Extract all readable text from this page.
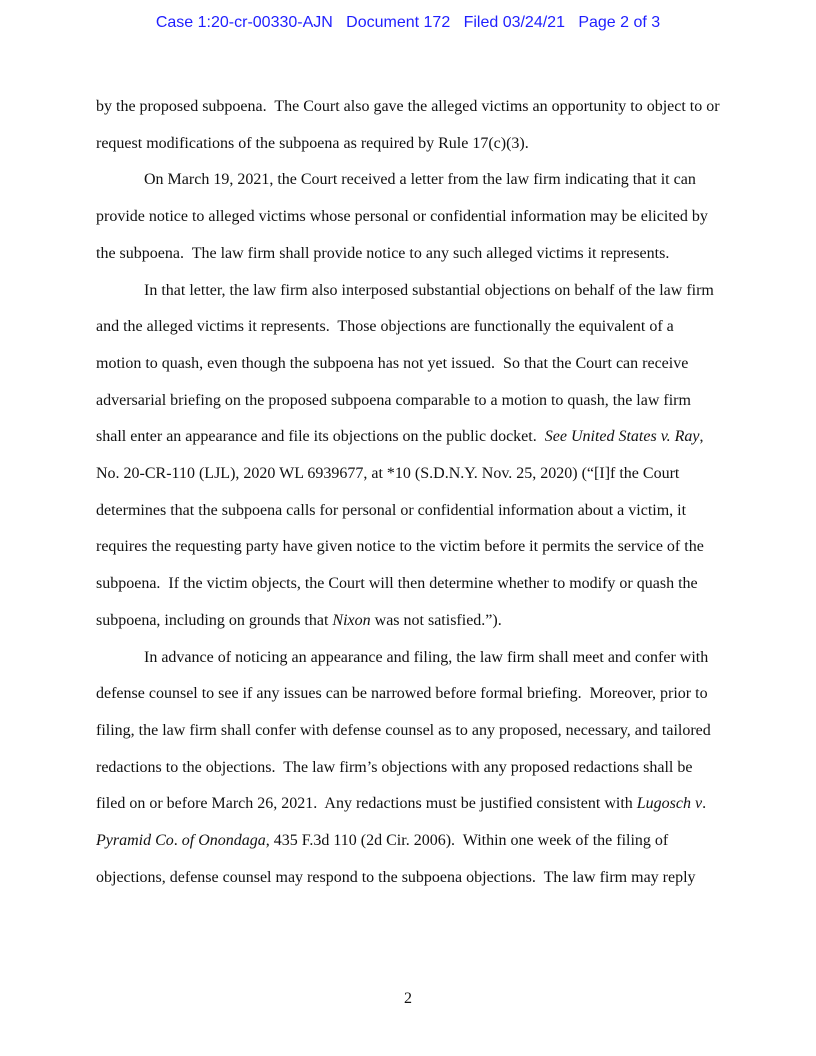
Case 1:20-cr-00330-AJN Document 172 Filed 03/24/21 Page 2 of 3
by the proposed subpoena.  The Court also gave the alleged victims an opportunity to object to or
request modifications of the subpoena as required by Rule 17(c)(3).
On March 19, 2021, the Court received a letter from the law firm indicating that it can
provide notice to alleged victims whose personal or confidential information may be elicited by
the subpoena.  The law firm shall provide notice to any such alleged victims it represents.
In that letter, the law firm also interposed substantial objections on behalf of the law firm
and the alleged victims it represents.  Those objections are functionally the equivalent of a
motion to quash, even though the subpoena has not yet issued.  So that the Court can receive
adversarial briefing on the proposed subpoena comparable to a motion to quash, the law firm
shall enter an appearance and file its objections on the public docket.  See United States v. Ray,
No. 20-CR-110 (LJL), 2020 WL 6939677, at *10 (S.D.N.Y. Nov. 25, 2020) (“[I]f the Court
determines that the subpoena calls for personal or confidential information about a victim, it
requires the requesting party have given notice to the victim before it permits the service of the
subpoena.  If the victim objects, the Court will then determine whether to modify or quash the
subpoena, including on grounds that Nixon was not satisfied.”).
In advance of noticing an appearance and filing, the law firm shall meet and confer with
defense counsel to see if any issues can be narrowed before formal briefing.  Moreover, prior to
filing, the law firm shall confer with defense counsel as to any proposed, necessary, and tailored
redactions to the objections.  The law firm’s objections with any proposed redactions shall be
filed on or before March 26, 2021.  Any redactions must be justified consistent with Lugosch v.
Pyramid Co. of Onondaga, 435 F.3d 110 (2d Cir. 2006).  Within one week of the filing of
objections, defense counsel may respond to the subpoena objections.  The law firm may reply
2
